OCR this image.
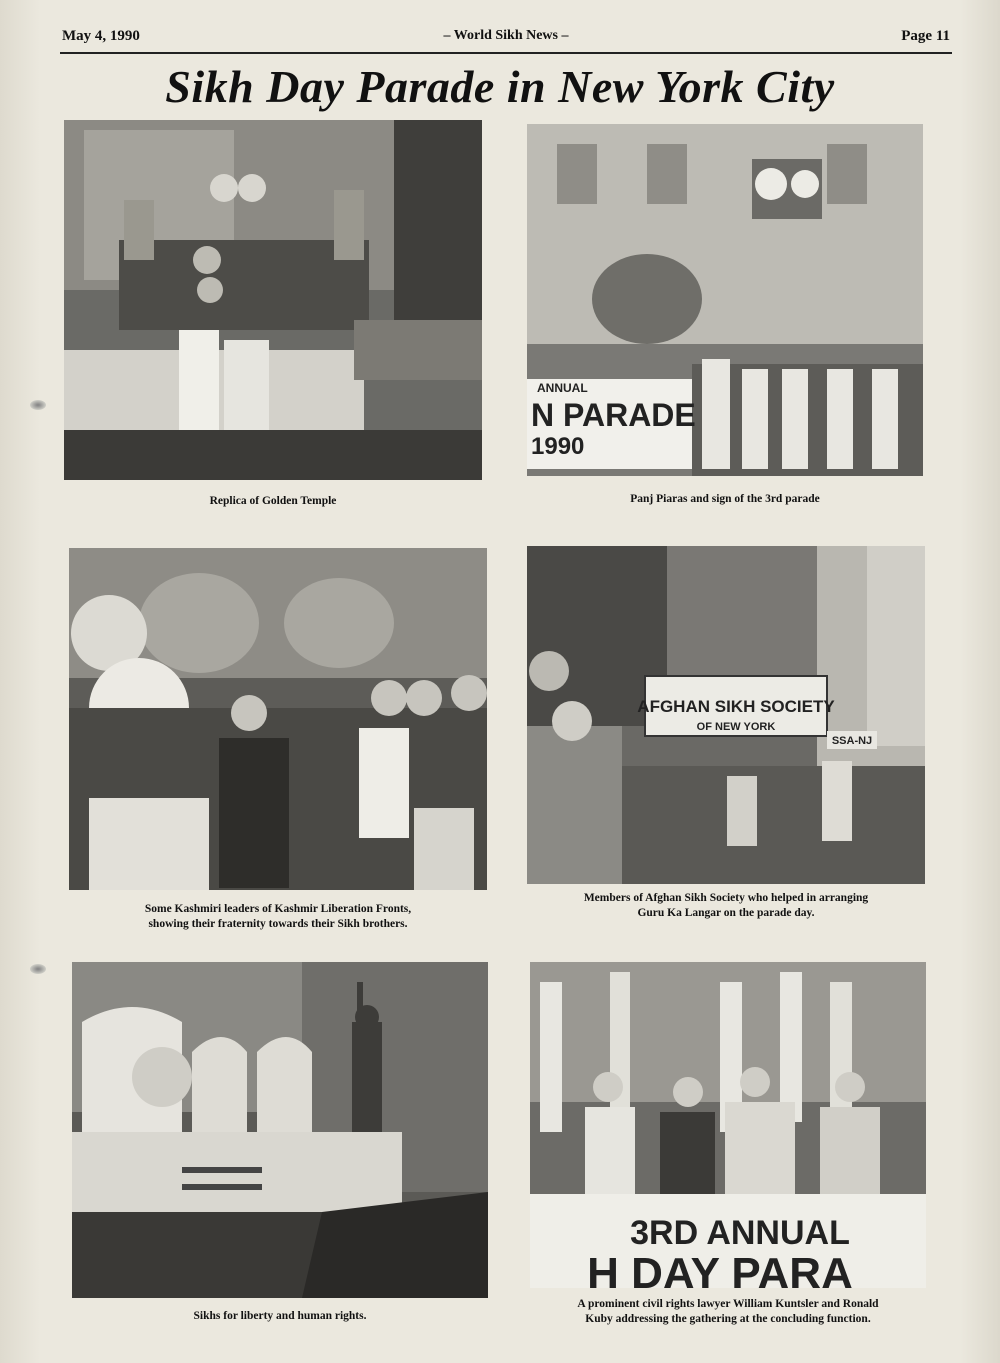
May 4, 1990	– World Sikh News –	Page 11
Sikh Day Parade in New York City
Replica of Golden Temple
ANNUAL
N PARADE
1990
Panj Piaras and sign of the 3rd parade
Some Kashmiri leaders of Kashmir Liberation Fronts,
showing their fraternity towards their Sikh brothers.
AFGHAN SIKH SOCIETY
OF NEW YORK
SSA-NJ
Members of Afghan Sikh Society who helped in arranging
Guru Ka Langar on the parade day.
Sikhs for liberty and human rights.
3RD ANNUAL
H DAY PARA
A prominent civil rights lawyer William Kuntsler and Ronald
Kuby addressing the gathering at the concluding function.
